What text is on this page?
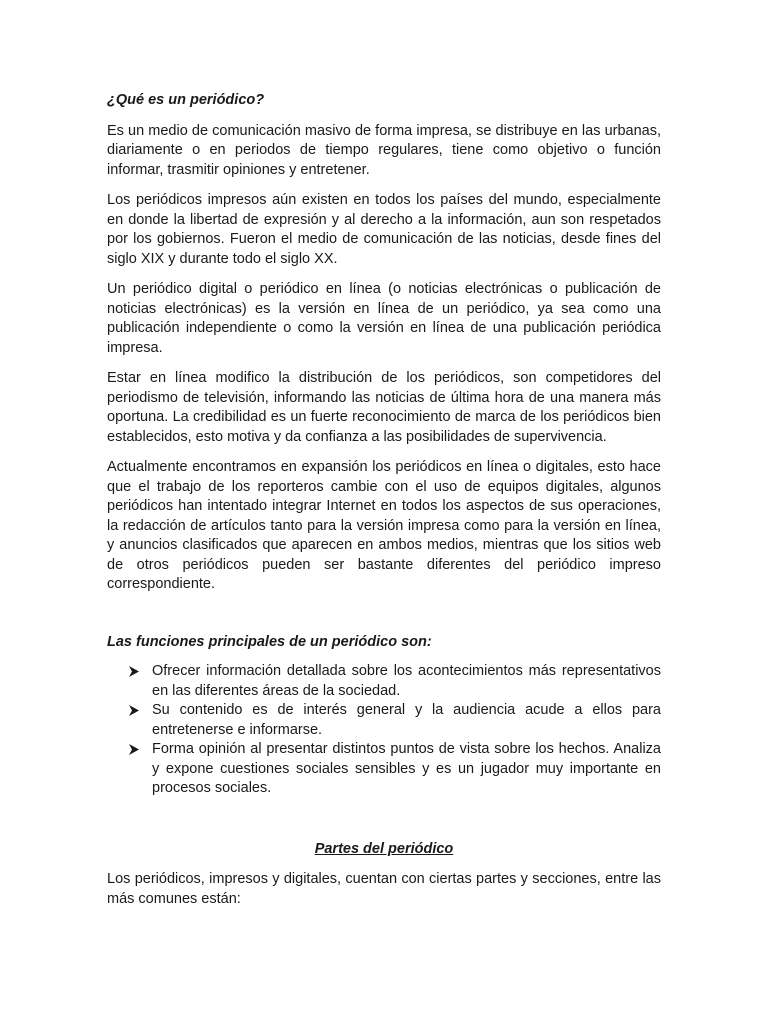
¿Qué es un periódico?

Es un medio de comunicación masivo de forma impresa, se distribuye en las urbanas, diariamente o en periodos de tiempo regulares, tiene como objetivo o función informar, trasmitir opiniones y entretener.

Los periódicos impresos aún existen en todos los países del mundo, especialmente en donde la libertad de expresión y al derecho a la información, aun son respetados por los gobiernos. Fueron el medio de comunicación de las noticias, desde fines del siglo XIX y durante todo el siglo XX.

Un periódico digital o periódico en línea (o noticias electrónicas o publicación de noticias electrónicas) es la versión en línea de un periódico, ya sea como una publicación independiente o como la versión en línea de una publicación periódica impresa.

Estar en línea modifico la distribución de los periódicos, son competidores del periodismo de televisión, informando las noticias de última hora de una manera más oportuna. La credibilidad es un fuerte reconocimiento de marca de los periódicos bien establecidos, esto motiva y da confianza a las posibilidades de supervivencia.

Actualmente encontramos en expansión los periódicos en línea o digitales, esto hace que el trabajo de los reporteros cambie con el uso de equipos digitales, algunos periódicos han intentado integrar Internet en todos los aspectos de sus operaciones, la redacción de artículos tanto para la versión impresa como para la versión en línea, y anuncios clasificados que aparecen en ambos medios, mientras que los sitios web de otros periódicos pueden ser bastante diferentes del periódico impreso correspondiente.

Las funciones principales de un periódico son:

Ofrecer información detallada sobre los acontecimientos más representativos en las diferentes áreas de la sociedad.
Su contenido es de interés general y la audiencia acude a ellos para entretenerse e informarse.
Forma opinión al presentar distintos puntos de vista sobre los hechos. Analiza y expone cuestiones sociales sensibles y es un jugador muy importante en procesos sociales.

Partes del periódico

Los periódicos, impresos y digitales, cuentan con ciertas partes y secciones, entre las más comunes están:
